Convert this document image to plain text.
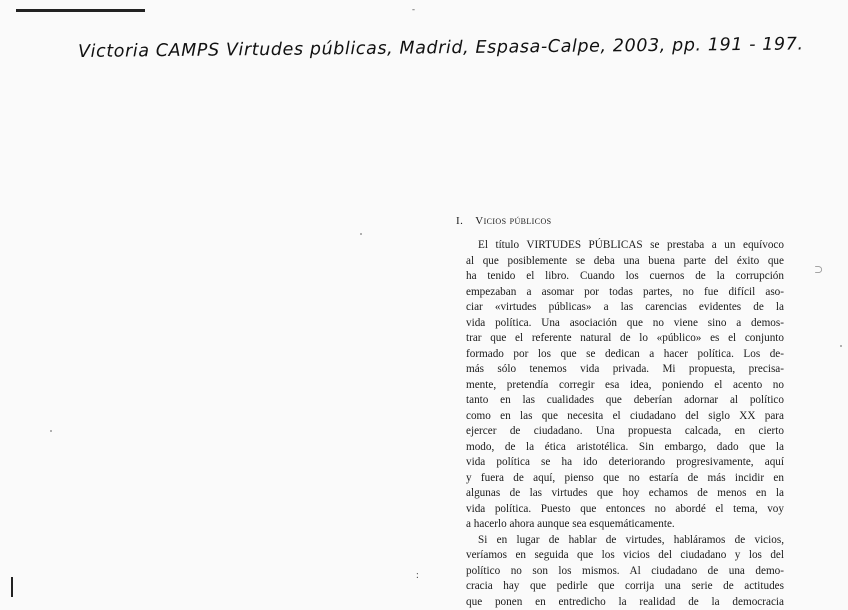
-
Victoria CAMPS Virtudes públicas, Madrid, Espasa-Calpe, 2003, pp. 191 - 197.
⊃
I. Vicios públicos
El título VIRTUDES PÚBLICAS se prestaba a un equívoco
al que posiblemente se deba una buena parte del éxito que
ha tenido el libro. Cuando los cuernos de la corrupción
empezaban a asomar por todas partes, no fue difícil aso-
ciar «virtudes públicas» a las carencias evidentes de la
vida política. Una asociación que no viene sino a demos-
trar que el referente natural de lo «público» es el conjunto
formado por los que se dedican a hacer política. Los de-
más sólo tenemos vida privada. Mi propuesta, precisa-
mente, pretendía corregir esa idea, poniendo el acento no
tanto en las cualidades que deberían adornar al político
como en las que necesita el ciudadano del siglo XX para
ejercer de ciudadano. Una propuesta calcada, en cierto
modo, de la ética aristotélica. Sin embargo, dado que la
vida política se ha ido deteriorando progresivamente, aquí
y fuera de aquí, pienso que no estaría de más incidir en
algunas de las virtudes que hoy echamos de menos en la
vida política. Puesto que entonces no abordé el tema, voy
a hacerlo ahora aunque sea esquemáticamente.
Si en lugar de hablar de virtudes, habláramos de vicios,
veríamos en seguida que los vicios del ciudadano y los del
político no son los mismos. Al ciudadano de una demo-
cracia hay que pedirle que corrija una serie de actitudes
que ponen en entredicho la realidad de la democracia
:
